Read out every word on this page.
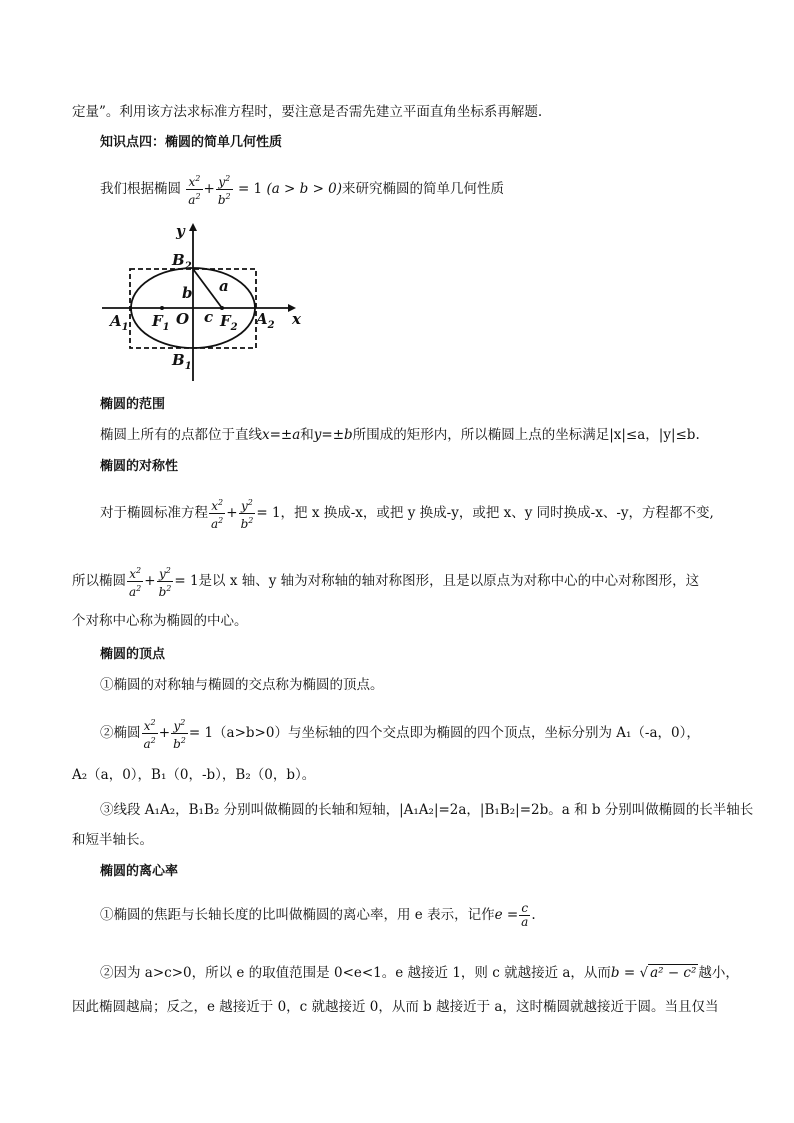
定量”。利用该方法求标准方程时，要注意是否需先建立平面直角坐标系再解题.
知识点四：椭圆的简单几何性质
我们根据椭圆 $\frac{x^2}{a^2} + \frac{y^2}{b^2} = 1$ (a > b > 0)来研究椭圆的简单几何性质
y
x
$B_2$
$B_1$
$A_1$	$A_2$
$F_1$	$F_2$
O
b a
c
椭圆的范围
椭圆上所有的点都位于直线x=±a和y=±b所围成的矩形内，所以椭圆上点的坐标满足|x|≤a，|y|≤b.
椭圆的对称性
对于椭圆标准方程 $\frac{x^2}{a^2} + \frac{y^2}{b^2} = 1$，把 x 换成-x，或把 y 换成-y，或把 x、y 同时换成-x、-y，方程都不变,
所以椭圆 $\frac{x^2}{a^2} + \frac{y^2}{b^2} = 1$是以 x 轴、y 轴为对称轴的轴对称图形，且是以原点为对称中心的中心对称图形，这
个对称中心称为椭圆的中心。
椭圆的顶点
①椭圆的对称轴与椭圆的交点称为椭圆的顶点。
②椭圆 $\frac{x^2}{a^2} + \frac{y^2}{b^2} = 1(a>b>0)$与坐标轴的四个交点即为椭圆的四个顶点，坐标分别为 A₁（-a，0），
A₂（a，0），B₁（0，-b），B₂（0，b）。
③线段 A₁A₂，B₁B₂ 分别叫做椭圆的长轴和短轴，|A₁A₂|=2a，|B₁B₂|=2b。a 和 b 分别叫做椭圆的长半轴长
和短半轴长。
椭圆的离心率
①椭圆的焦距与长轴长度的比叫做椭圆的离心率，用 e 表示，记作$e = \frac{c}{a}$ .
②因为 a>c>0，所以 e 的取值范围是 0<e<1。e 越接近 1，则 c 就越接近 a，从而b = √ a² − c² 越小，
因此椭圆越扁；反之，e 越接近于 0，c 就越接近 0，从而 b 越接近于 a，这时椭圆就越接近于圆。当且仅当
